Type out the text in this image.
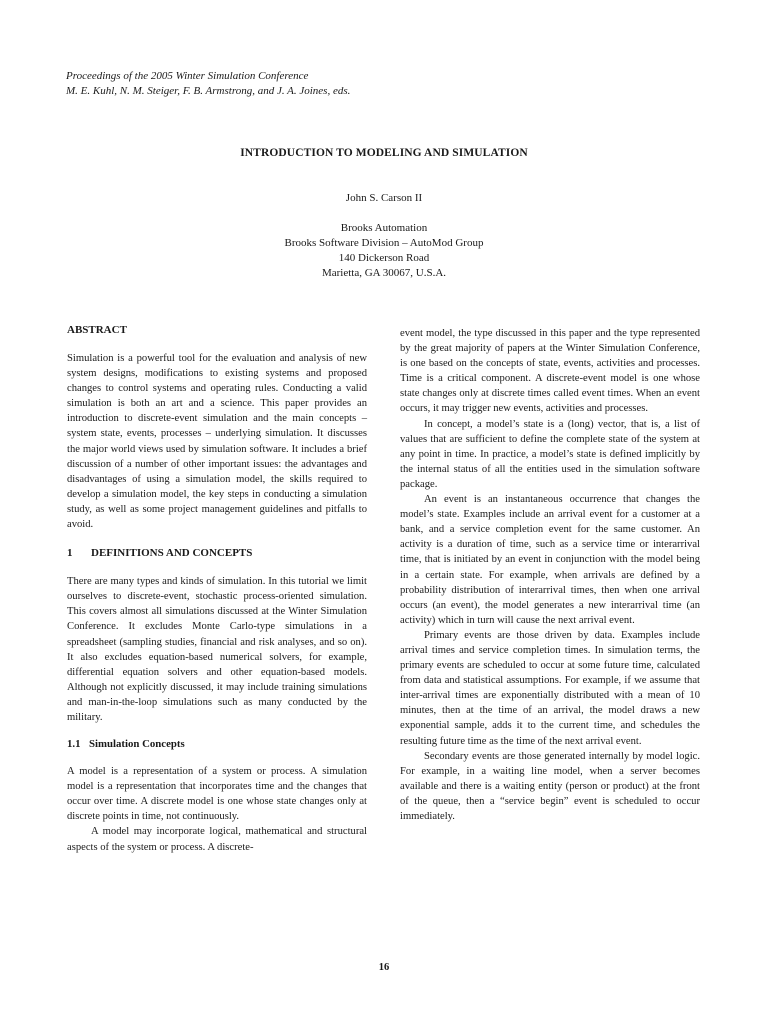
Proceedings of the 2005 Winter Simulation Conference
M. E. Kuhl, N. M. Steiger, F. B. Armstrong, and J. A. Joines, eds.
INTRODUCTION TO MODELING AND SIMULATION
John S. Carson II
Brooks Automation
Brooks Software Division – AutoMod Group
140 Dickerson Road
Marietta, GA 30067, U.S.A.
ABSTRACT

Simulation is a powerful tool for the evaluation and analysis of new system designs, modifications to existing systems and proposed changes to control systems and operating rules. Conducting a valid simulation is both an art and a science. This paper provides an introduction to discrete-event simulation and the main concepts – system state, events, processes – underlying simulation. It discusses the major world views used by simulation software. It includes a brief discussion of a number of other important issues: the advantages and disadvantages of using a simulation model, the skills required to develop a simulation model, the key steps in conducting a simulation study, as well as some project management guidelines and pitfalls to avoid.

1 DEFINITIONS AND CONCEPTS

There are many types and kinds of simulation. In this tutorial we limit ourselves to discrete-event, stochastic process-oriented simulation. This covers almost all simulations discussed at the Winter Simulation Conference. It excludes Monte Carlo-type simulations in a spreadsheet (sampling studies, financial and risk analyses, and so on). It also excludes equation-based numerical solvers, for example, differential equation solvers and other equation-based models. Although not explicitly discussed, it may include training simulations and man-in-the-loop simulations such as many conducted by the military.

1.1 Simulation Concepts

A model is a representation of a system or process. A simulation model is a representation that incorporates time and the changes that occur over time. A discrete model is one whose state changes only at discrete points in time, not continuously.

A model may incorporate logical, mathematical and structural aspects of the system or process. A discrete-

event model, the type discussed in this paper and the type represented by the great majority of papers at the Winter Simulation Conference, is one based on the concepts of state, events, activities and processes. Time is a critical component. A discrete-event model is one whose state changes only at discrete times called event times. When an event occurs, it may trigger new events, activities and processes.

In concept, a model’s state is a (long) vector, that is, a list of values that are sufficient to define the complete state of the system at any point in time. In practice, a model’s state is defined implicitly by the internal status of all the entities used in the simulation software package.

An event is an instantaneous occurrence that changes the model’s state. Examples include an arrival event for a customer at a bank, and a service completion event for the same customer. An activity is a duration of time, such as a service time or interarrival time, that is initiated by an event in conjunction with the model being in a certain state. For example, when arrivals are defined by a probability distribution of interarrival times, then when one arrival occurs (an event), the model generates a new interarrival time (an activity) which in turn will cause the next arrival event.

Primary events are those driven by data. Examples include arrival times and service completion times. In simulation terms, the primary events are scheduled to occur at some future time, calculated from data and statistical assumptions. For example, if we assume that inter-arrival times are exponentially distributed with a mean of 10 minutes, then at the time of an arrival, the model draws a new exponential sample, adds it to the current time, and schedules the resulting future time as the time of the next arrival event.

Secondary events are those generated internally by model logic. For example, in a waiting line model, when a server becomes available and there is a waiting entity (person or product) at the front of the queue, then a “service begin” event is scheduled to occur immediately.

16
